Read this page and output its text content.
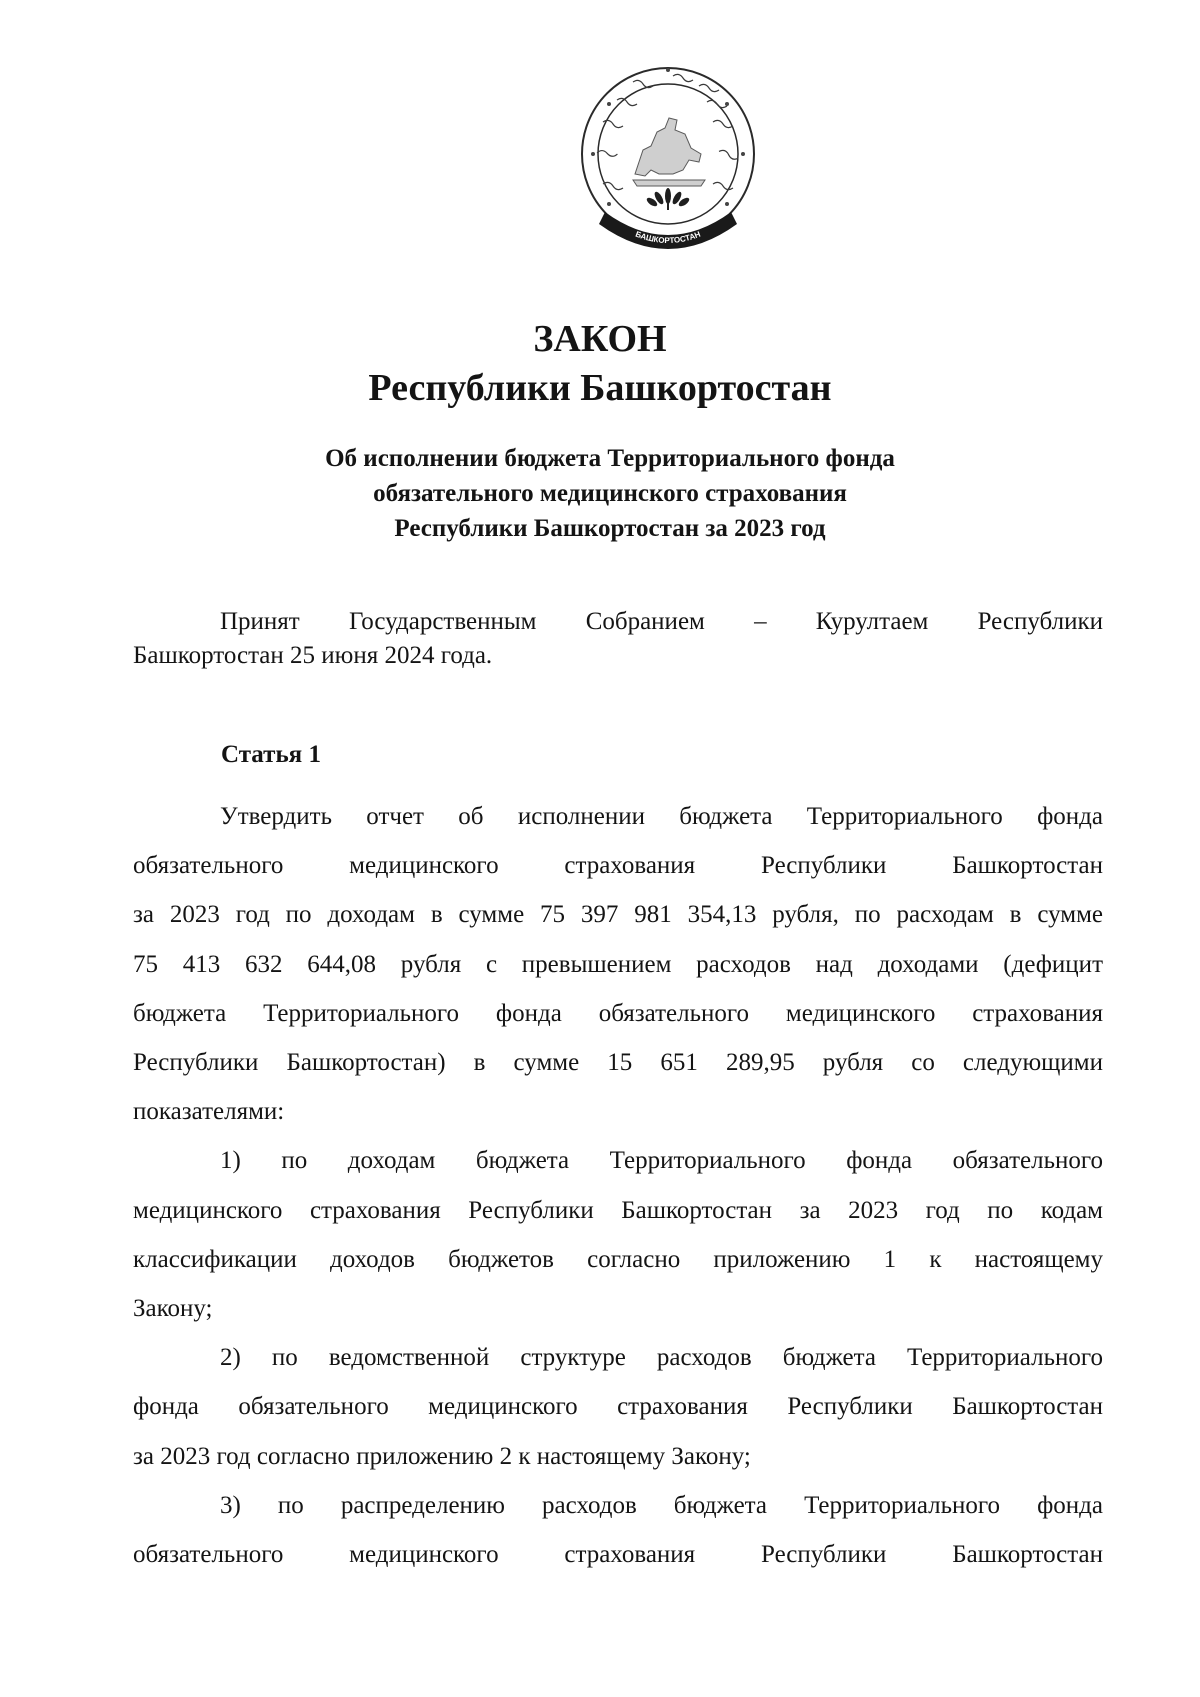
БАШКОРТОСТАН
ЗАКОН
Республики Башкортостан
Об исполнении бюджета Территориального фонда
обязательного медицинского страхования
Республики Башкортостан за 2023 год
Принят Государственным Собранием – Курултаем Республики
Башкортостан 25 июня 2024 года.
Статья 1
Утвердить отчет об исполнении бюджета Территориального фонда
обязательного медицинского страхования Республики Башкортостан
за 2023 год по доходам в сумме 75 397 981 354,13 рубля, по расходам в сумме
75 413 632 644,08 рубля с превышением расходов над доходами (дефицит
бюджета Территориального фонда обязательного медицинского страхования
Республики Башкортостан) в сумме 15 651 289,95 рубля со следующими
показателями:
1) по доходам бюджета Территориального фонда обязательного
медицинского страхования Республики Башкортостан за 2023 год по кодам
классификации доходов бюджетов согласно приложению 1 к настоящему
Закону;
2) по ведомственной структуре расходов бюджета Территориального
фонда обязательного медицинского страхования Республики Башкортостан
за 2023 год согласно приложению 2 к настоящему Закону;
3) по распределению расходов бюджета Территориального фонда
обязательного медицинского страхования Республики Башкортостан
